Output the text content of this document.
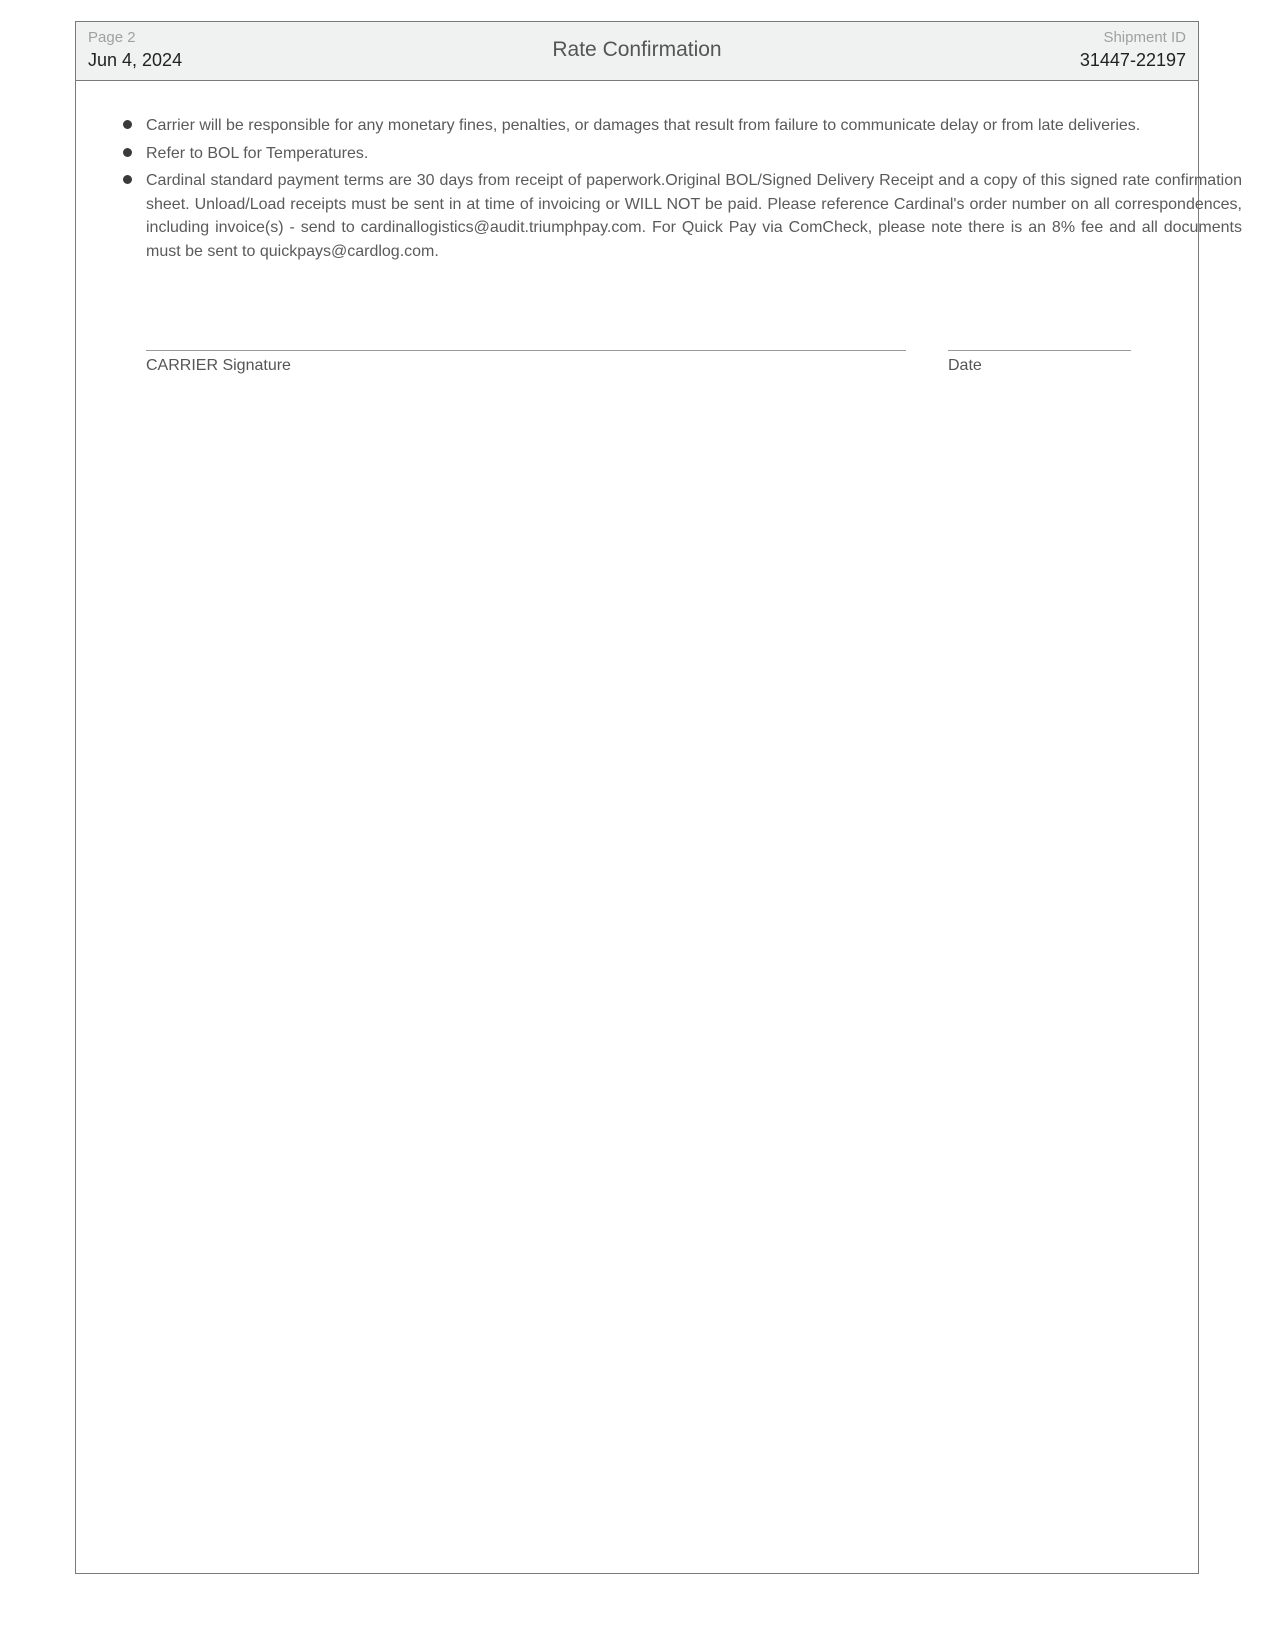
Page 2
Jun 4, 2024	Rate Confirmation
Shipment ID
31447-22197
Carrier will be responsible for any monetary fines, penalties, or damages that result from failure to communicate delay or from late deliveries.
Refer to BOL for Temperatures.
Cardinal standard payment terms are 30 days from receipt of paperwork.Original BOL/Signed Delivery Receipt and a copy of this signed rate confirmation sheet. Unload/Load receipts must be sent in at time of invoicing or WILL NOT be paid. Please reference Cardinal's order number on all correspondences, including invoice(s) - send to cardinallogistics@audit.triumphpay.com. For Quick Pay via ComCheck, please note there is an 8% fee and all documents must be sent to quickpays@cardlog.com.
CARRIER Signature	Date
